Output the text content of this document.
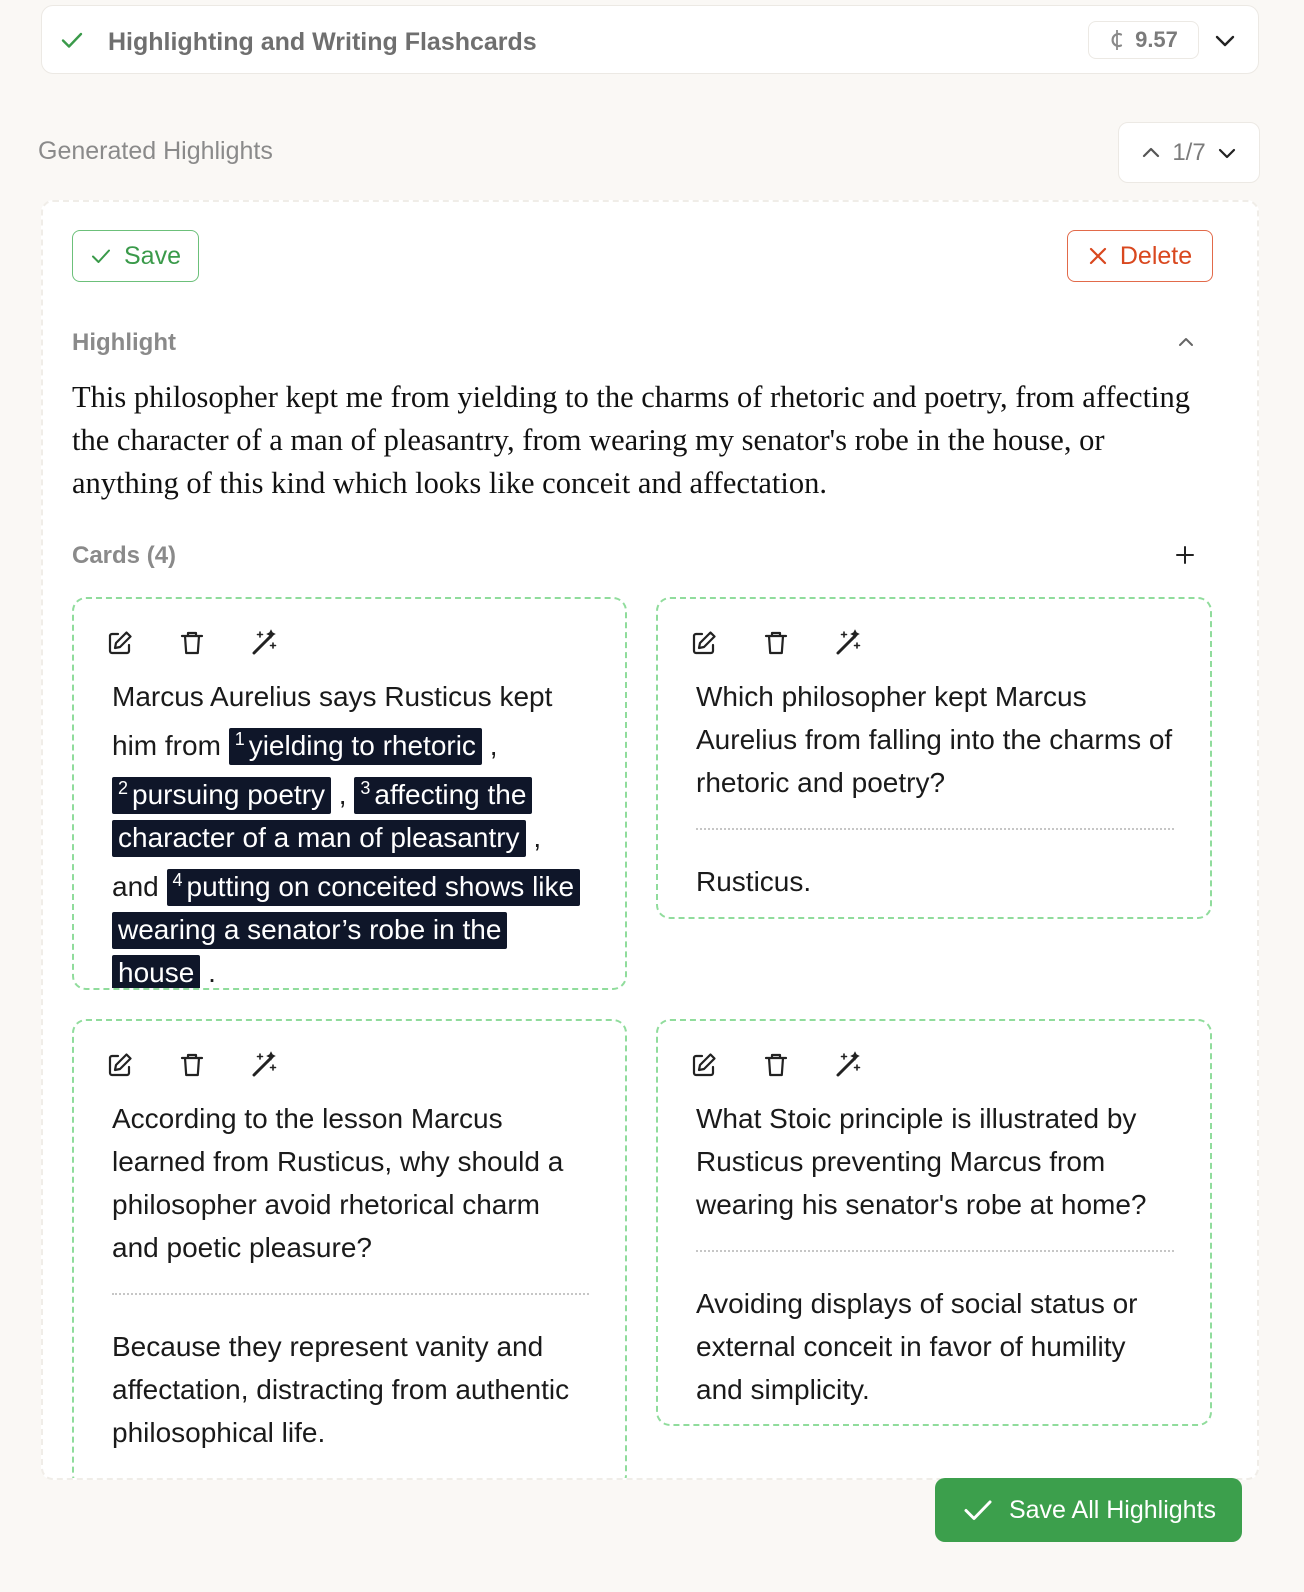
Highlighting and Writing Flashcards	9.57
Generated Highlights	1/7
Save	Delete
Highlight
This philosopher kept me from yielding to the charms of rhetoric and poetry, from affecting the character of a man of pleasantry, from wearing my senator's robe in the house, or anything of this kind which looks like conceit and affectation.
Cards (4)
Marcus Aurelius says Rusticus kept him from $^1$ yielding to rhetoric , $^2$ pursuing poetry , $^3$ affecting the character of a man of pleasantry , and $^4$ putting on conceited shows like wearing a senator’s robe in the house .
Which philosopher kept Marcus Aurelius from falling into the charms of rhetoric and poetry?
Rusticus.
According to the lesson Marcus learned from Rusticus, why should a philosopher avoid rhetorical charm and poetic pleasure?
Because they represent vanity and affectation, distracting from authentic philosophical life.
What Stoic principle is illustrated by Rusticus preventing Marcus from wearing his senator's robe at home?
Avoiding displays of social status or external conceit in favor of humility and simplicity.
Save All Highlights
